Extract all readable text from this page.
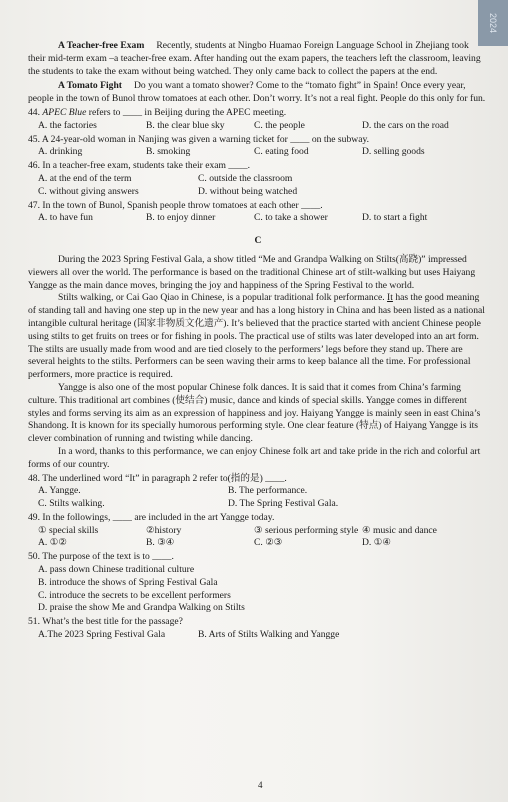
2024

A Teacher-free Exam Recently, students at Ningbo Huamao Foreign Language School in Zhejiang took their mid-term exam –a teacher-free exam. After handing out the exam papers, the teachers left the classroom, leaving the students to take the exam without being watched. They only came back to collect the papers at the end.

A Tomato Fight Do you want a tomato shower? Come to the “tomato fight” in Spain! Once every year, people in the town of Bunol throw tomatoes at each other. Don’t worry. It’s not a real fight. People do this only for fun.

44. APEC Blue refers to ____ in Beijing during the APEC meeting.

A. the factories	B. the clear blue sky	C. the people	D. the cars on the road

45. A 24-year-old woman in Nanjing was given a warning ticket for ____ on the subway.

A. drinking	B. smoking	C. eating food	D. selling goods

46. In a teacher-free exam, students take their exam ____.

A. at the end of the term	C. outside the classroom
C. without giving answers	D. without being watched

47. In the town of Bunol, Spanish people throw tomatoes at each other ____.

A. to have fun	B. to enjoy dinner	C. to take a shower	D. to start a fight

C

During the 2023 Spring Festival Gala, a show titled “Me and Grandpa Walking on Stilts(高跷)” impressed viewers all over the world. The performance is based on the traditional Chinese art of stilt-walking but uses Haiyang Yangge as the main dance moves, bringing the joy and happiness of the Spring Festival to the world.

Stilts walking, or Cai Gao Qiao in Chinese, is a popular traditional folk performance. It has the good meaning of standing tall and having one step up in the new year and has a long history in China and has been listed as a national intangible cultural heritage (国家非物质文化遗产). It’s believed that the practice started with ancient Chinese people using stilts to get fruits on trees or for fishing in pools. The practical use of stilts was later developed into an art form. The stilts are usually made from wood and are tied closely to the performers’ legs before they stand up. There are several heights to the stilts. Performers can be seen waving their arms to keep balance all the time. For professional performers, more practice is required.

Yangge is also one of the most popular Chinese folk dances. It is said that it comes from China’s farming culture. This traditional art combines (使结合) music, dance and kinds of special skills. Yangge comes in different styles and forms serving its aim as an expression of happiness and joy. Haiyang Yangge is mainly seen in east China’s Shandong. It is known for its specially humorous performing style. One clear feature (特点) of Haiyang Yangge is its clever combination of running and twisting while dancing.

In a word, thanks to this performance, we can enjoy Chinese folk art and take pride in the rich and colorful art forms of our country.

48. The underlined word “It” in paragraph 2 refer to(指的是) ____.

A. Yangge.	B. The performance.
C. Stilts walking.	D. The Spring Festival Gala.

49. In the followings, ____ are included in the art Yangge today.

① special skills	②history	③ serious performing style ④ music and dance
A. ①②	B. ③④	C. ②③	D. ①④

50. The purpose of the text is to ____.

A. pass down Chinese traditional culture
B. introduce the shows of Spring Festival Gala
C. introduce the secrets to be excellent performers
D. praise the show Me and Grandpa Walking on Stilts

51. What’s the best title for the passage?

A.The 2023 Spring Festival Gala	B. Arts of Stilts Walking and Yangge
4
